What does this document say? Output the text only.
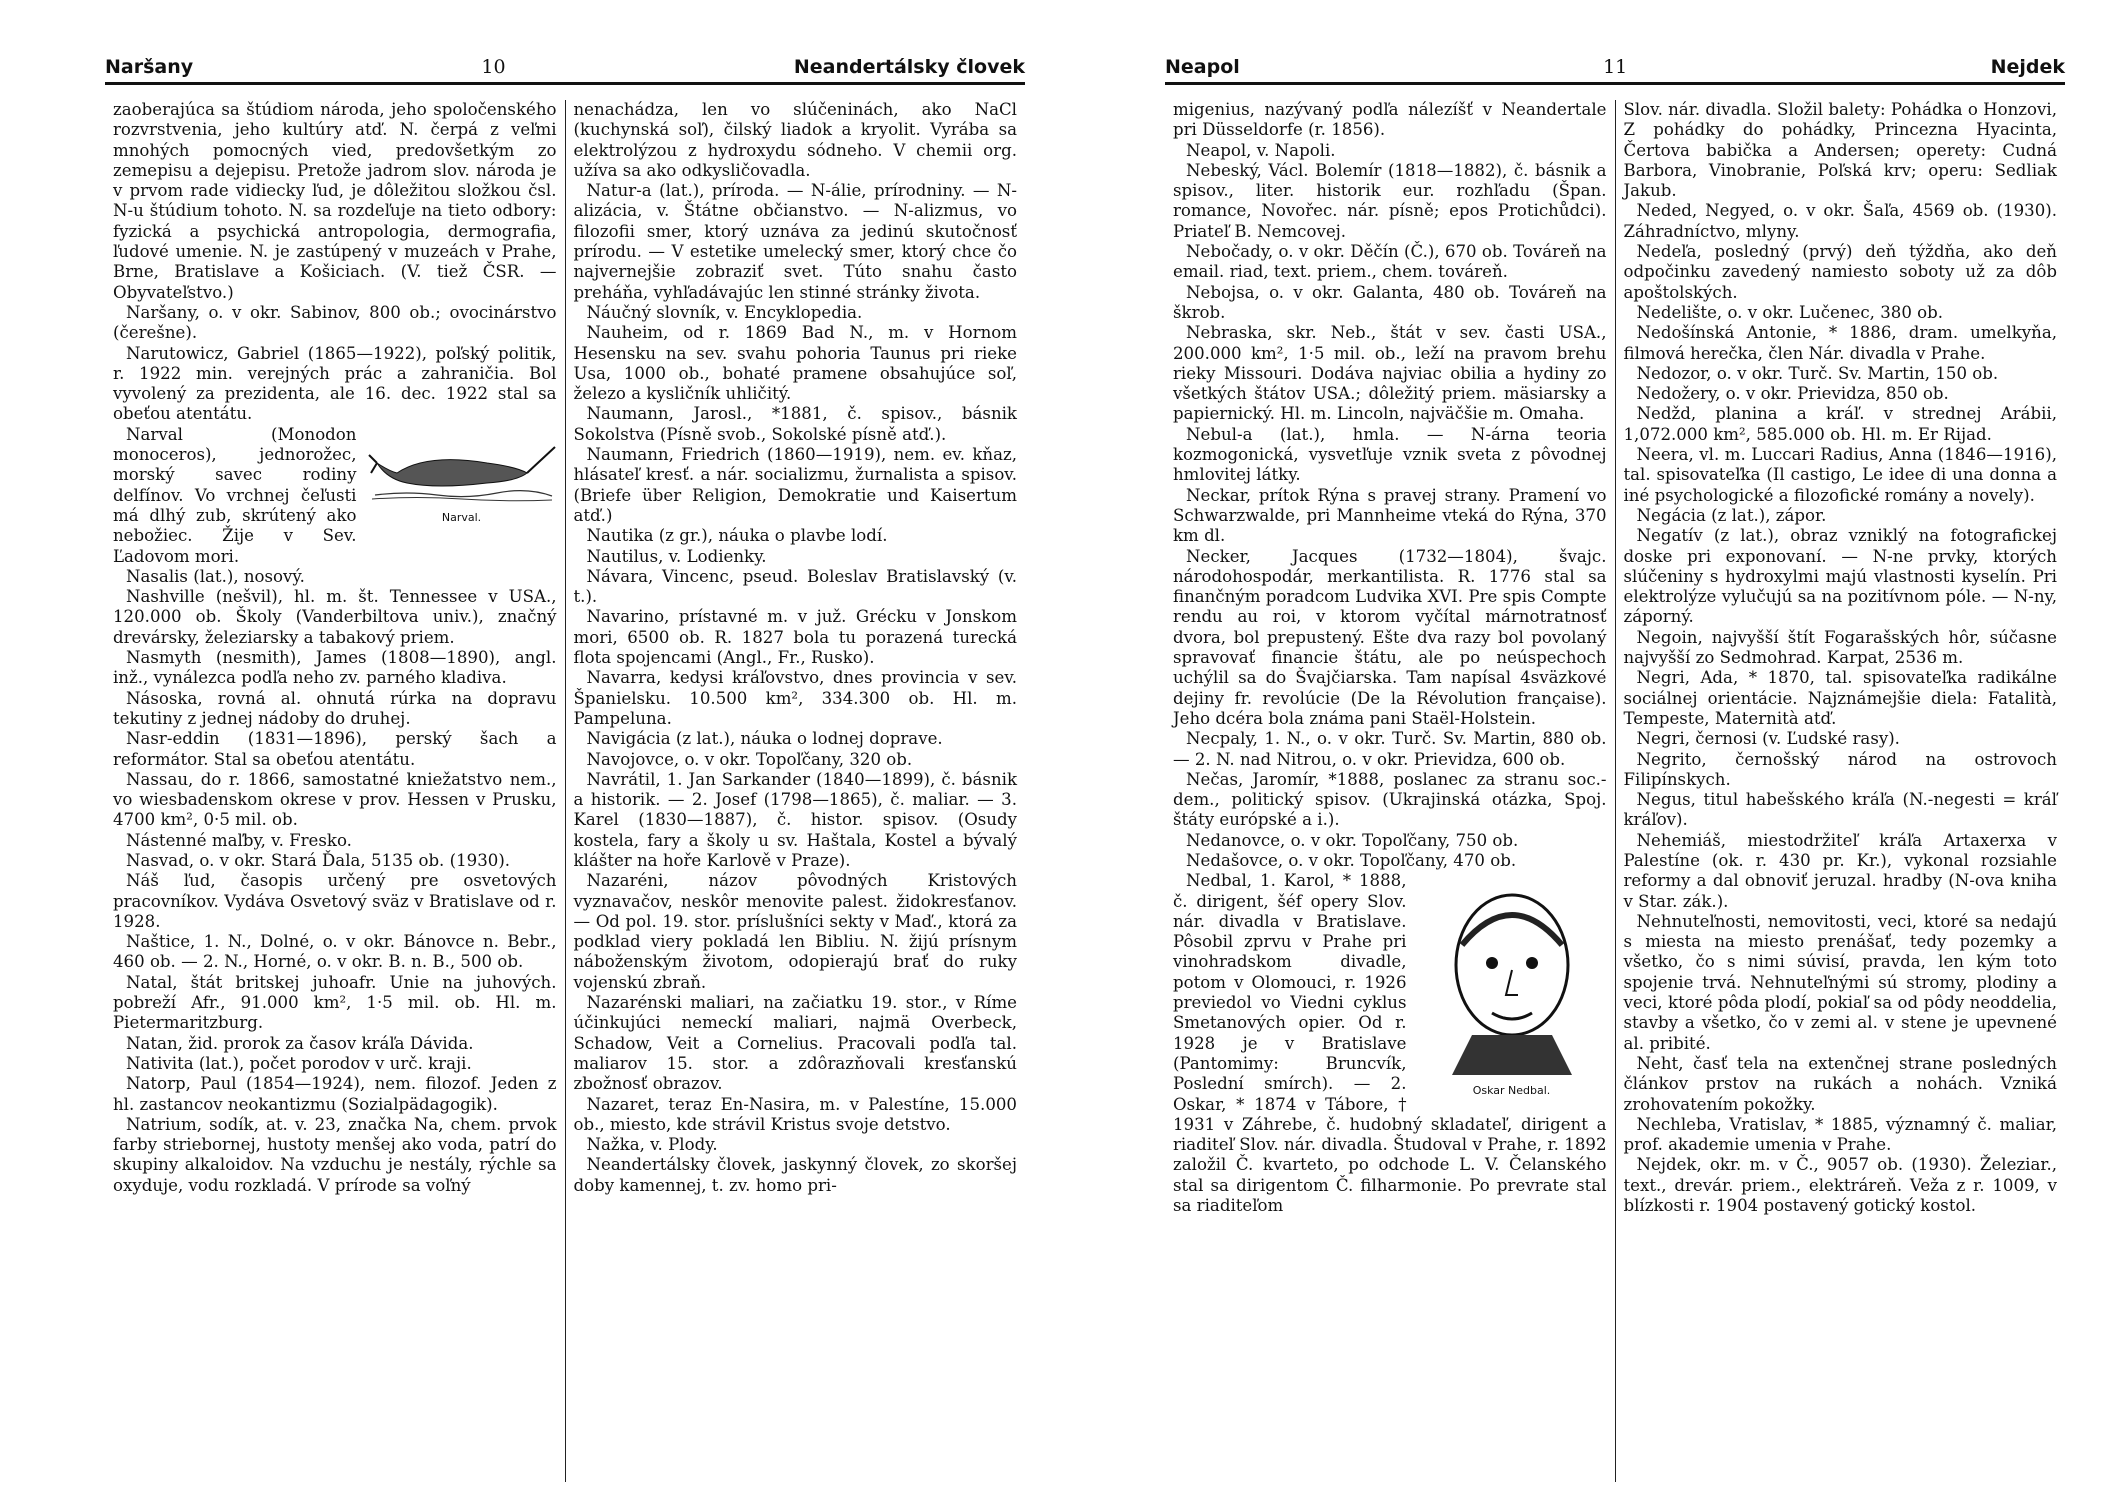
Naršany	10	Neandertálsky človek

zaoberajúca sa štúdiom národa, jeho spoločenského rozvrstvenia, jeho kultúry atď. N. čerpá z veľmi mnohých pomocných vied, predovšetkým zo zemepisu a dejepisu. Pretože jadrom slov. národa je v prvom rade vidiecky ľud, je dôležitou složkou čsl. N-u štúdium tohoto. N. sa rozdeľuje na tieto odbory: fyzická a psychická antropologia, dermografia, ľudové umenie. N. je zastúpený v muzeách v Prahe, Brne, Bratislave a Košiciach. (V. tiež ČSR. — Obyvateľstvo.)

Naršany, o. v okr. Sabinov, 800 ob.; ovocinárstvo (čerešne).

Narutowicz, Gabriel (1865—1922), poľský politik, r. 1922 min. verejných prác a zahraničia. Bol vyvolený za prezidenta, ale 16. dec. 1922 stal sa obeťou atentátu.

Narval.

Narval (Monodon monoceros), jednorožec, morský savec rodiny delfínov. Vo vrchnej čeľusti má dlhý zub, skrútený ako nebožiec. Žije v Sev. Ľadovom mori.

Nasalis (lat.), nosový.

Nashville (nešvil), hl. m. št. Tennessee v USA., 120.000 ob. Školy (Vanderbiltova univ.), značný drevársky, železiarsky a tabakový priem.

Nasmyth (nesmith), James (1808—1890), angl. inž., vynálezca podľa neho zv. parného kladiva.

Násoska, rovná al. ohnutá rúrka na dopravu tekutiny z jednej nádoby do druhej.

Nasr-eddin (1831—1896), perský šach a reformátor. Stal sa obeťou atentátu.

Nassau, do r. 1866, samostatné kniežatstvo nem., vo wiesbadenskom okrese v prov. Hessen v Prusku, 4700 km², 0·5 mil. ob.

Nástenné maľby, v. Fresko.

Nasvad, o. v okr. Stará Ďala, 5135 ob. (1930).

Náš ľud, časopis určený pre osvetových pracovníkov. Vydáva Osvetový sväz v Bratislave od r. 1928.

Naštice, 1. N., Dolné, o. v okr. Bánovce n. Bebr., 460 ob. — 2. N., Horné, o. v okr. B. n. B., 500 ob.

Natal, štát britskej juhoafr. Unie na juhových. pobreží Afr., 91.000 km², 1·5 mil. ob. Hl. m. Pietermaritzburg.

Natan, žid. prorok za časov kráľa Dávida.

Nativita (lat.), počet porodov v urč. kraji.

Natorp, Paul (1854—1924), nem. filozof. Jeden z hl. zastancov neokantizmu (Sozialpädagogik).

Natrium, sodík, at. v. 23, značka Na, chem. prvok farby striebornej, hustoty menšej ako voda, patrí do skupiny alkaloidov. Na vzduchu je nestály, rýchle sa oxyduje, vodu rozkladá. V prírode sa voľný

nenachádza, len vo slúčeninách, ako NaCl (kuchynská soľ), čilský liadok a kryolit. Vyrába sa elektrolýzou z hydroxydu sódneho. V chemii org. užíva sa ako odkysličovadla.

Natur-a (lat.), príroda. — N-álie, prírodniny. — N-alizácia, v. Štátne občianstvo. — N-alizmus, vo filozofii smer, ktorý uznáva za jedinú skutočnosť prírodu. — V estetike umelecký smer, ktorý chce čo najvernejšie zobraziť svet. Túto snahu často preháňa, vyhľadávajúc len stinné stránky života.

Náučný slovník, v. Encyklopedia.

Nauheim, od r. 1869 Bad N., m. v Hornom Hesensku na sev. svahu pohoria Taunus pri rieke Usa, 1000 ob., bohaté pramene obsahujúce soľ, železo a kysličník uhličitý.

Naumann, Jarosl., *1881, č. spisov., básnik Sokolstva (Písně svob., Sokolské písně atď.).

Naumann, Friedrich (1860—1919), nem. ev. kňaz, hlásateľ kresť. a nár. socializmu, žurnalista a spisov. (Briefe über Religion, Demokratie und Kaisertum atď.)

Nautika (z gr.), náuka o plavbe lodí.

Nautilus, v. Lodienky.

Návara, Vincenc, pseud. Boleslav Bratislavský (v. t.).

Navarino, prístavné m. v juž. Grécku v Jonskom mori, 6500 ob. R. 1827 bola tu porazená turecká flota spojencami (Angl., Fr., Rusko).

Navarra, kedysi kráľovstvo, dnes provincia v sev. Španielsku. 10.500 km², 334.300 ob. Hl. m. Pampeluna.

Navigácia (z lat.), náuka o lodnej doprave.

Navojovce, o. v okr. Topoľčany, 320 ob.

Navrátil, 1. Jan Sarkander (1840—1899), č. básnik a historik. — 2. Josef (1798—1865), č. maliar. — 3. Karel (1830—1887), č. histor. spisov. (Osudy kostela, fary a školy u sv. Haštala, Kostel a bývalý klášter na hoře Karlově v Praze).

Nazaréni, názov pôvodných Kristových vyznavačov, neskôr menovite palest. židokresťanov. — Od pol. 19. stor. príslušníci sekty v Maď., ktorá za podklad viery pokladá len Bibliu. N. žijú prísnym náboženským životom, odopierajú brať do ruky vojenskú zbraň.

Nazarénski maliari, na začiatku 19. stor., v Ríme účinkujúci nemeckí maliari, najmä Overbeck, Schadow, Veit a Cornelius. Pracovali podľa tal. maliarov 15. stor. a zdôrazňovali kresťanskú zbožnosť obrazov.

Nazaret, teraz En-Nasira, m. v Palestíne, 15.000 ob., miesto, kde strávil Kristus svoje detstvo.

Nažka, v. Plody.

Neandertálsky človek, jaskynný človek, zo skoršej doby kamennej, t. zv. homo pri-

Neapol	11	Nejdek

migenius, nazývaný podľa nálezíšť v Neandertale pri Düsseldorfe (r. 1856).

Neapol, v. Napoli.

Nebeský, Václ. Bolemír (1818—1882), č. básnik a spisov., liter. historik eur. rozhľadu (Špan. romance, Novořec. nár. písně; epos Protichůdci). Priateľ B. Nemcovej.

Nebočady, o. v okr. Děčín (Č.), 670 ob. Továreň na email. riad, text. priem., chem. továreň.

Nebojsa, o. v okr. Galanta, 480 ob. Továreň na škrob.

Nebraska, skr. Neb., štát v sev. časti USA., 200.000 km², 1·5 mil. ob., leží na pravom brehu rieky Missouri. Dodáva najviac obilia a hydiny zo všetkých štátov USA.; dôležitý priem. mäsiarsky a papiernický. Hl. m. Lincoln, najväčšie m. Omaha.

Nebul-a (lat.), hmla. — N-árna teoria kozmogonická, vysvetľuje vznik sveta z pôvodnej hmlovitej látky.

Neckar, prítok Rýna s pravej strany. Pramení vo Schwarzwalde, pri Mannheime vteká do Rýna, 370 km dl.

Necker, Jacques (1732—1804), švajc. národohospodár, merkantilista. R. 1776 stal sa finančným poradcom Ludvika XVI. Pre spis Compte rendu au roi, v ktorom vyčítal márnotratnosť dvora, bol prepustený. Ešte dva razy bol povolaný spravovať financie štátu, ale po neúspechoch uchýlil sa do Švajčiarska. Tam napísal 4sväzkové dejiny fr. revolúcie (De la Révolution française). Jeho dcéra bola známa pani Staël-Holstein.

Necpaly, 1. N., o. v okr. Turč. Sv. Martin, 880 ob. — 2. N. nad Nitrou, o. v okr. Prievidza, 600 ob.

Nečas, Jaromír, *1888, poslanec za stranu soc.-dem., politický spisov. (Ukrajinská otázka, Spoj. štáty európské a i.).

Nedanovce, o. v okr. Topoľčany, 750 ob.

Nedašovce, o. v okr. Topoľčany, 470 ob.

Oskar Nedbal.

Nedbal, 1. Karol, * 1888, č. dirigent, šéf opery Slov. nár. divadla v Bratislave. Pôsobil zprvu v Prahe pri vinohradskom divadle, potom v Olomouci, r. 1926 previedol vo Viedni cyklus Smetanových opier. Od r. 1928 je v Bratislave (Pantomimy: Bruncvík, Poslední smírch). — 2. Oskar, * 1874 v Tábore, † 1931 v Záhrebe, č. hudobný skladateľ, dirigent a riaditeľ Slov. nár. divadla. Študoval v Prahe, r. 1892 založil Č. kvarteto, po odchode L. V. Čelanského stal sa dirigentom Č. filharmonie. Po prevrate stal sa riaditeľom

Slov. nár. divadla. Složil balety: Pohádka o Honzovi, Z pohádky do pohádky, Princezna Hyacinta, Čertova babička a Andersen; operety: Cudná Barbora, Vinobranie, Poľská krv; operu: Sedliak Jakub.

Neded, Negyed, o. v okr. Šaľa, 4569 ob. (1930). Záhradníctvo, mlyny.

Nedeľa, posledný (prvý) deň týždňa, ako deň odpočinku zavedený namiesto soboty už za dôb apoštolských.

Nedelište, o. v okr. Lučenec, 380 ob.

Nedošínská Antonie, * 1886, dram. umelkyňa, filmová herečka, člen Nár. divadla v Prahe.

Nedozor, o. v okr. Turč. Sv. Martin, 150 ob.

Nedožery, o. v okr. Prievidza, 850 ob.

Nedžd, planina a kráľ. v strednej Arábii, 1,072.000 km², 585.000 ob. Hl. m. Er Rijad.

Neera, vl. m. Luccari Radius, Anna (1846—1916), tal. spisovateľka (Il castigo, Le idee di una donna a iné psychologické a filozofické romány a novely).

Negácia (z lat.), zápor.

Negatív (z lat.), obraz vzniklý na fotografickej doske pri exponovaní. — N-ne prvky, ktorých slúčeniny s hydroxylmi majú vlastnosti kyselín. Pri elektrolýze vylučujú sa na pozitívnom póle. — N-ny, záporný.

Negoin, najvyšší štít Fogarašských hôr, súčasne najvyšší zo Sedmohrad. Karpat, 2536 m.

Negri, Ada, * 1870, tal. spisovateľka radikálne sociálnej orientácie. Najznámejšie diela: Fatalità, Tempeste, Maternità atď.

Negri, černosi (v. Ľudské rasy).

Negrito, černošský národ na ostrovoch Filipínskych.

Negus, titul habešského kráľa (N.-negesti = kráľ kráľov).

Nehemiáš, miestodržiteľ kráľa Artaxerxa v Palestíne (ok. r. 430 pr. Kr.), vykonal rozsiahle reformy a dal obnoviť jeruzal. hradby (N-ova kniha v Star. zák.).

Nehnuteľnosti, nemovitosti, veci, ktoré sa nedajú s miesta na miesto prenášať, tedy pozemky a všetko, čo s nimi súvisí, pravda, len kým toto spojenie trvá. Nehnuteľnými sú stromy, plodiny a veci, ktoré pôda plodí, pokiaľ sa od pôdy neoddelia, stavby a všetko, čo v zemi al. v stene je upevnené al. pribité.

Neht, časť tela na extenčnej strane posledných článkov prstov na rukách a nohách. Vzniká zrohovatením pokožky.

Nechleba, Vratislav, * 1885, významný č. maliar, prof. akademie umenia v Prahe.

Nejdek, okr. m. v Č., 9057 ob. (1930). Železiar., text., drevár. priem., elektráreň. Veža z r. 1009, v blízkosti r. 1904 postavený gotický kostol.
